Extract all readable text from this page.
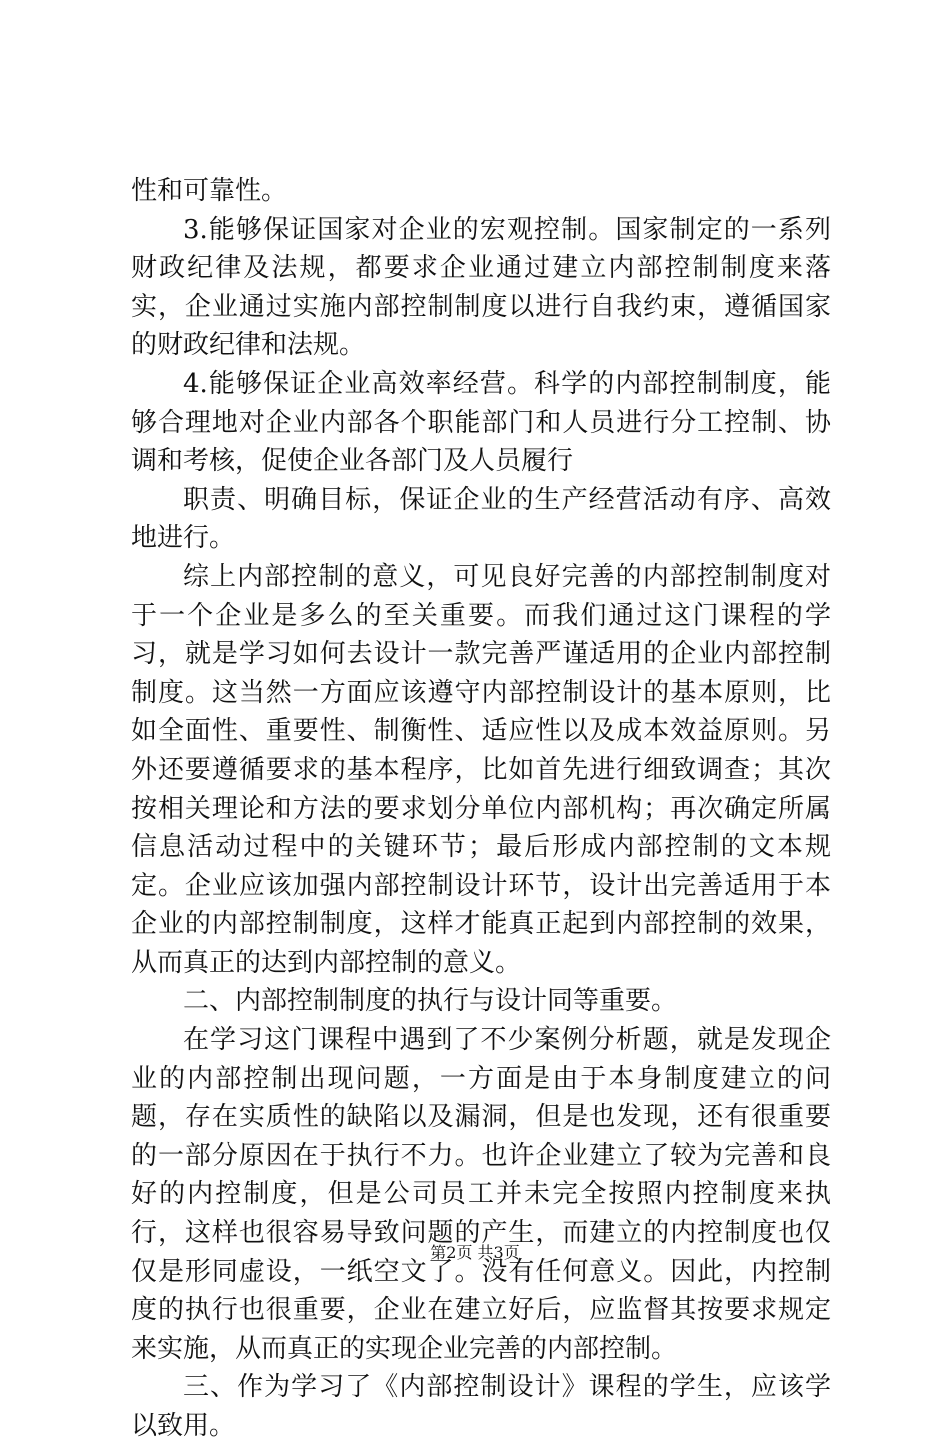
性和可靠性。

3.能够保证国家对企业的宏观控制。国家制定的一系列财政纪律及法规，都要求企业通过建立内部控制制度来落实，企业通过实施内部控制制度以进行自我约束，遵循国家的财政纪律和法规。

4.能够保证企业高效率经营。科学的内部控制制度，能够合理地对企业内部各个职能部门和人员进行分工控制、协调和考核，促使企业各部门及人员履行

职责、明确目标，保证企业的生产经营活动有序、高效地进行。

综上内部控制的意义，可见良好完善的内部控制制度对于一个企业是多么的至关重要。而我们通过这门课程的学习，就是学习如何去设计一款完善严谨适用的企业内部控制制度。这当然一方面应该遵守内部控制设计的基本原则，比如全面性、重要性、制衡性、适应性以及成本效益原则。另外还要遵循要求的基本程序，比如首先进行细致调查；其次按相关理论和方法的要求划分单位内部机构；再次确定所属信息活动过程中的关键环节；最后形成内部控制的文本规定。企业应该加强内部控制设计环节，设计出完善适用于本企业的内部控制制度，这样才能真正起到内部控制的效果，从而真正的达到内部控制的意义。

二、内部控制制度的执行与设计同等重要。

在学习这门课程中遇到了不少案例分析题，就是发现企业的内部控制出现问题，一方面是由于本身制度建立的问题，存在实质性的缺陷以及漏洞，但是也发现，还有很重要的一部分原因在于执行不力。也许企业建立了较为完善和良好的内控制度，但是公司员工并未完全按照内控制度来执行，这样也很容易导致问题的产生，而建立的内控制度也仅仅是形同虚设，一纸空文了。没有任何意义。因此，内控制度的执行也很重要，企业在建立好后，应监督其按要求规定来实施，从而真正的实现企业完善的内部控制。

三、作为学习了《内部控制设计》课程的学生，应该学以致用。

第2页 共3页
